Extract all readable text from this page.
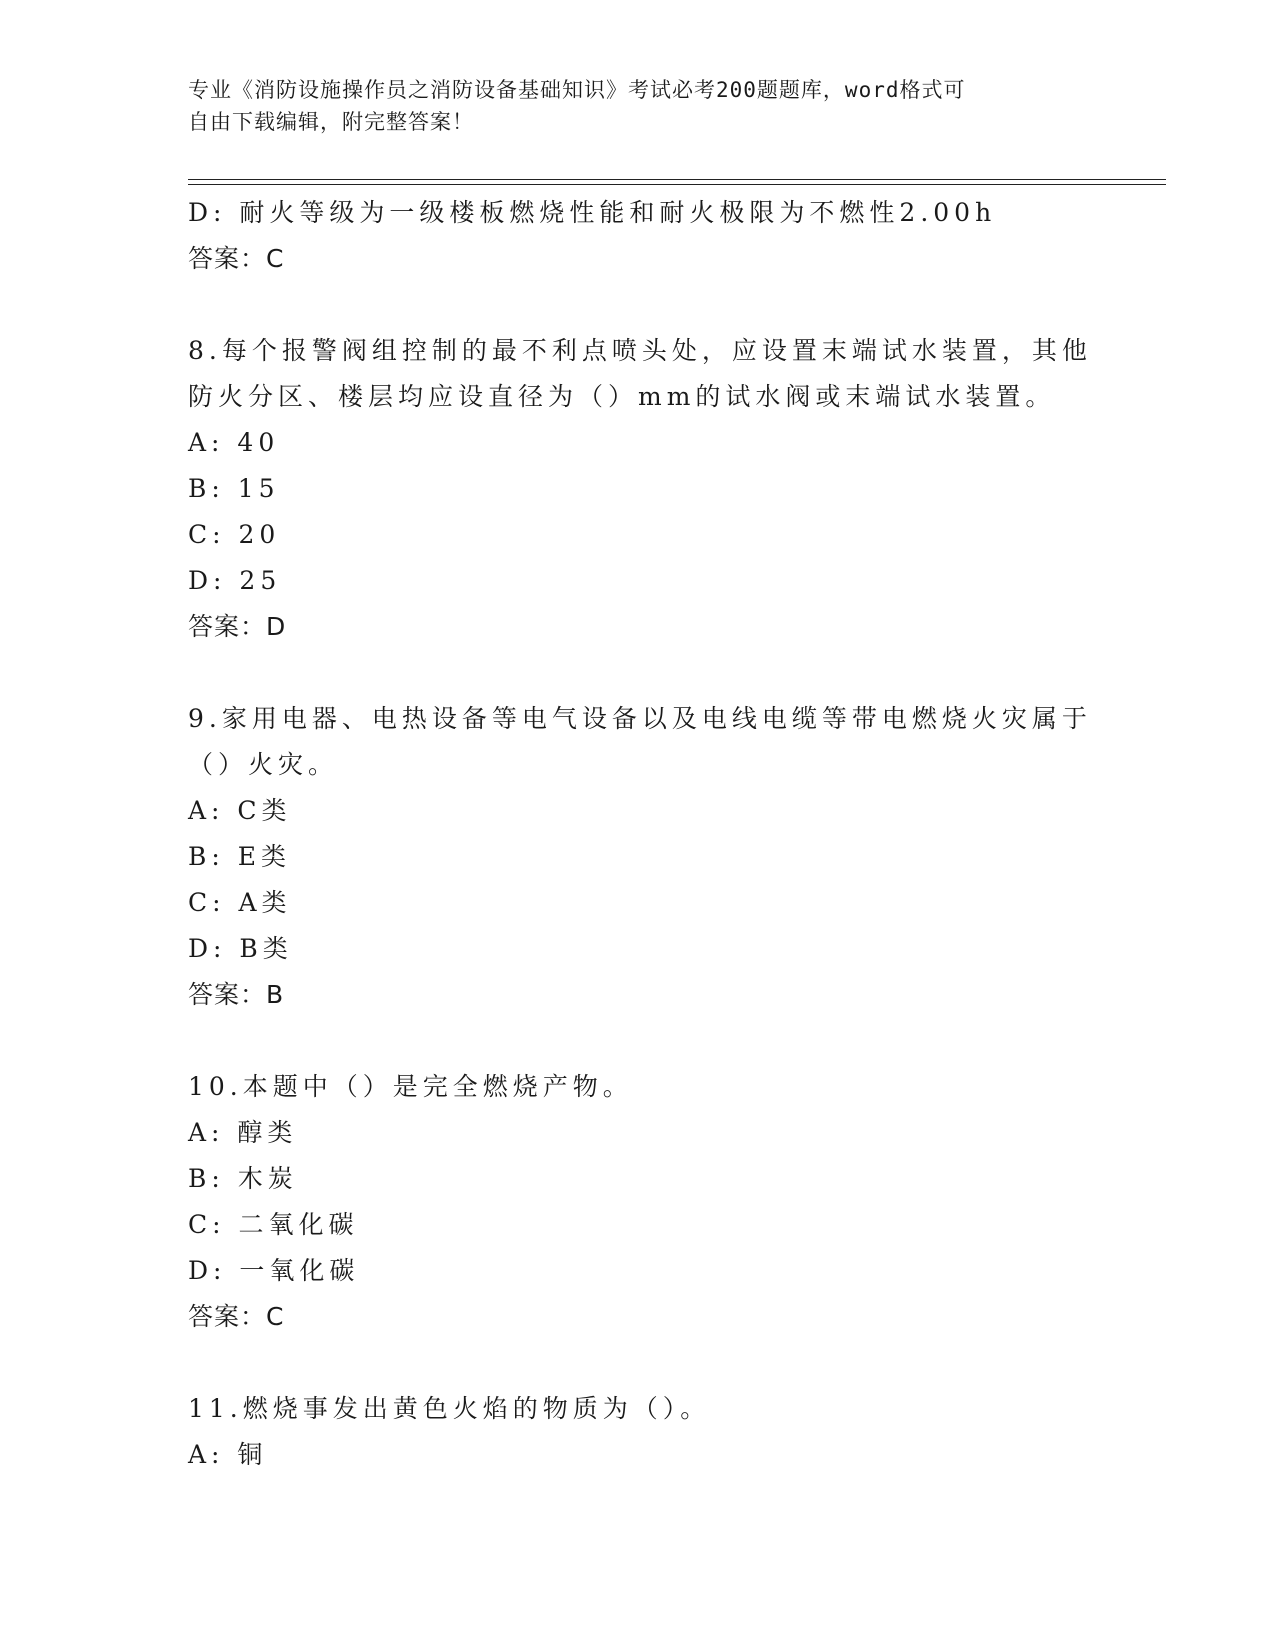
专业《消防设施操作员之消防设备基础知识》考试必考200题题库，word格式可
自由下载编辑，附完整答案！
D: 耐火等级为一级楼板燃烧性能和耐火极限为不燃性2.00h
答案：C
8.每个报警阀组控制的最不利点喷头处，应设置末端试水装置，其他
防火分区、楼层均应设直径为（）mm的试水阀或末端试水装置。
A: 40
B: 15
C: 20
D: 25
答案：D
9.家用电器、电热设备等电气设备以及电线电缆等带电燃烧火灾属于
（）火灾。
A: C类
B: E类
C: A类
D: B类
答案：B
10.本题中（）是完全燃烧产物。
A: 醇类
B: 木炭
C: 二氧化碳
D: 一氧化碳
答案：C
11.燃烧事发出黄色火焰的物质为（）。
A: 铜
